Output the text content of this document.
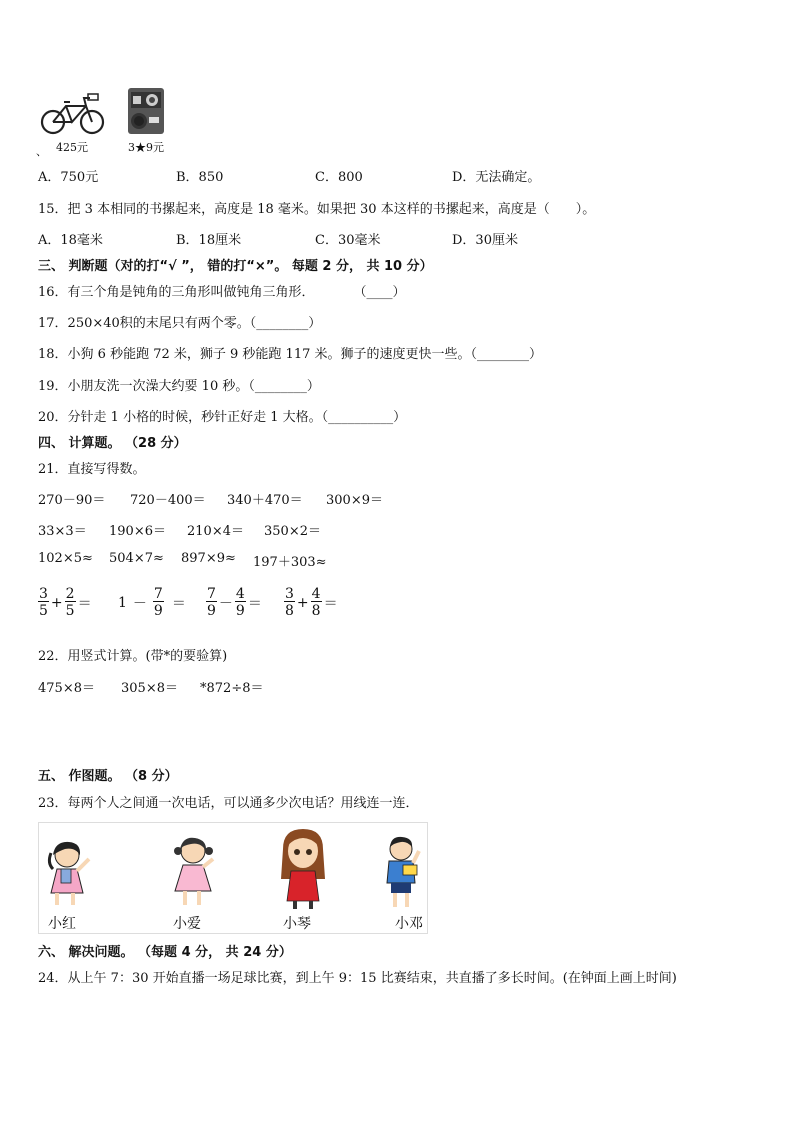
425元
、	3★9元
A．750元	B．850	C．800	D．无法确定。
15．把 3 本相同的书摞起来，高度是 18 毫米。如果把 30 本这样的书摞起来，高度是（　　）。
A．18毫米	B．18厘米	C．30毫米	D．30厘米
三、 判断题（对的打“√ ”， 错的打“×”。 每题 2 分， 共 10 分）
16．有三个角是钝角的三角形叫做钝角三角形．　　　　（____）
17．250×40积的末尾只有两个零。（________）
18．小狗 6 秒能跑 72 米，狮子 9 秒能跑 117 米。狮子的速度更快一些。（________）
19．小朋友洗一次澡大约要 10 秒。（________）
20．分针走 1 小格的时候，秒针正好走 1 大格。（__________）
四、 计算题。 （28 分）
21．直接写得数。
270－90＝ 720－400＝ 340＋470＝ 300×9＝
33×3＝ 190×6＝ 210×4＝ 350×2＝
102×5≈ 504×7≈ 897×9≈ 197＋303≈
$\frac{3}{5} + \frac{2}{5} = 1 - \frac{7}{9} = \frac{7}{9} - \frac{4}{9} = \frac{3}{8} + \frac{4}{8}$ ＝
22．用竖式计算。(带*的要验算)
475×8＝ 305×8＝ *872÷8＝
五、 作图题。 （8 分）
23．每两个人之间通一次电话，可以通多少次电话？用线连一连．
小红	小爱	小琴	小邓
六、 解决问题。 （每题 4 分， 共 24 分）
24．从上午 7：30 开始直播一场足球比赛，到上午 9：15 比赛结束，共直播了多长时间。(在钟面上画上时间)
